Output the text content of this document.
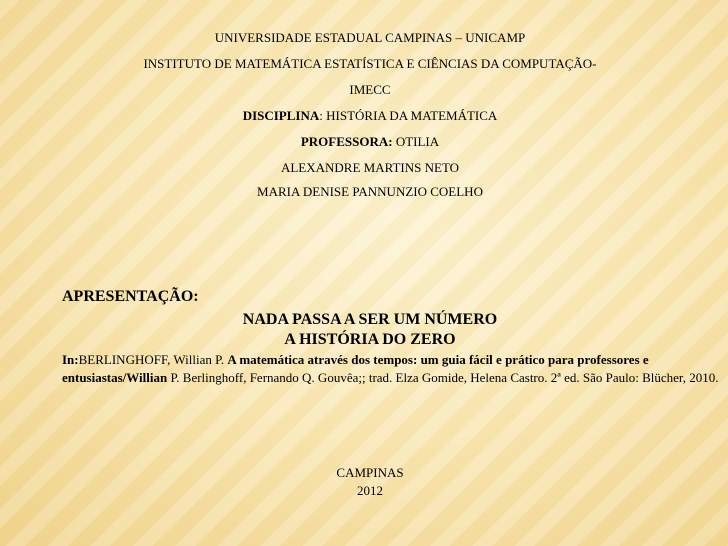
UNIVERSIDADE ESTADUAL CAMPINAS – UNICAMP
INSTITUTO DE MATEMÁTICA ESTATÍSTICA E CIÊNCIAS DA COMPUTAÇÃO-
IMECC
DISCIPLINA: HISTÓRIA DA MATEMÁTICA
PROFESSORA: OTILIA
ALEXANDRE MARTINS NETO
MARIA DENISE PANNUNZIO COELHO
APRESENTAÇÃO:
NADA PASSA A SER UM NÚMERO
A HISTÓRIA DO ZERO
In:BERLINGHOFF, Willian P. A matemática através dos tempos: um guia fácil e prático para professores e entusiastas/Willian P. Berlinghoff, Fernando Q. Gouvêa;; trad. Elza Gomide, Helena Castro. 2ª ed. São Paulo: Blücher, 2010.
CAMPINAS
2012
